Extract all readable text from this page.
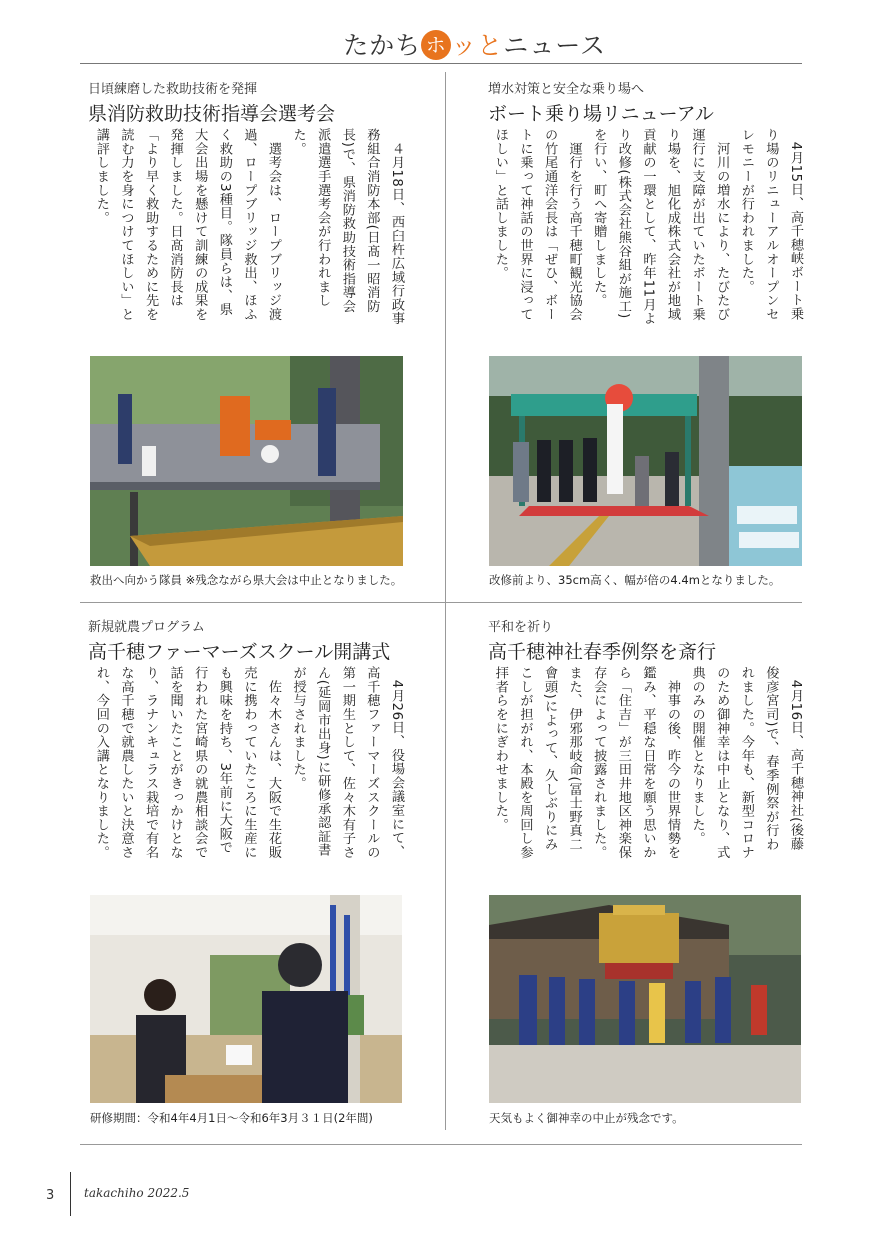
たかち ホ ッとニュース
日頃練磨した救助技術を発揮
県消防救助技術指導会選考会
　４月18日、西臼杵広域行政事
務組合消防本部(日髙一昭消防
長)で、県消防救助技術指導会
派遣選手選考会が行われまし
た。
　選考会は、ロープブリッジ渡
過、ロープブリッジ救出、ほふ
く救助の3種目。隊員らは、県
大会出場を懸けて訓練の成果を
発揮しました。日髙消防長は
「より早く救助するために先を
読む力を身につけてほしい」と
講評しました。
救出へ向かう隊員 ※残念ながら県大会は中止となりました。
増水対策と安全な乗り場へ
ボート乗り場リニューアル
　4月15日、高千穂峡ボート乗
り場のリニューアルオープンセ
レモニーが行われました。
　河川の増水により、たびたび
運行に支障が出ていたボート乗
り場を、旭化成株式会社が地域
貢献の一環として、昨年11月よ
り改修(株式会社熊谷組が施工)
を行い、町へ寄贈しました。
　運行を行う高千穂町観光協会
の竹尾通洋会長は「ぜひ、ボー
トに乗って神話の世界に浸って
ほしい」と話しました。
改修前より、35cm高く、幅が倍の4.4mとなりました。
新規就農プログラム
高千穂ファーマーズスクール開講式
　4月26日、役場会議室にて、
高千穂ファーマーズスクールの
第一期生として、佐々木有子さ
ん(延岡市出身)に研修承認証書
が授与されました。
　佐々木さんは、大阪で生花販
売に携わっていたころに生産に
も興味を持ち、3年前に大阪で
行われた宮崎県の就農相談会で
話を聞いたことがきっかけとな
り、ラナンキュラス栽培で有名
な高千穂で就農したいと決意さ
れ、今回の入講となりました。
研修期間：令和4年4月1日〜令和6年3月３１日(2年間)
平和を祈り
高千穂神社春季例祭を斎行
　4月16日、高千穂神社(後藤
俊彦宮司)で、春季例祭が行わ
れました。今年も、新型コロナ
のため御神幸は中止となり、式
典のみの開催となりました。
　神事の後、昨今の世界情勢を
鑑み、平穏な日常を願う思いか
ら「住吉」が三田井地区神楽保
存会によって披露されました。
また、伊邪那岐命(冨士野真二
會頭)によって、久しぶりにみ
こしが担がれ、本殿を周回し参
拝者らをにぎわせました。
天気もよく御神幸の中止が残念です。
3 takachiho 2022.5
